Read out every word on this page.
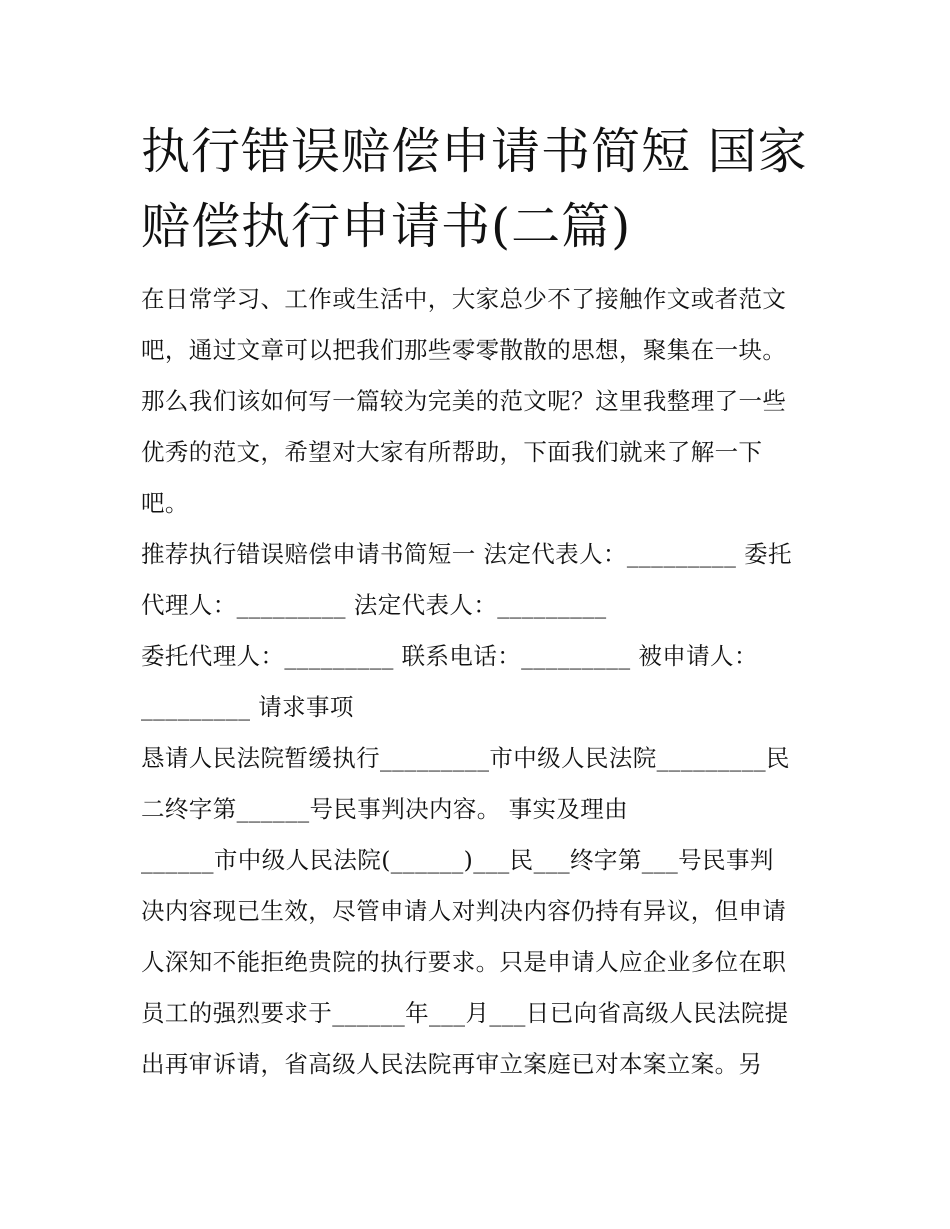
执行错误赔偿申请书简短 国家
赔偿执行申请书(二篇)

在日常学习、工作或生活中，大家总少不了接触作文或者范文
吧，通过文章可以把我们那些零零散散的思想，聚集在一块。
那么我们该如何写一篇较为完美的范文呢？这里我整理了一些
优秀的范文，希望对大家有所帮助，下面我们就来了解一下
吧。

推荐执行错误赔偿申请书简短一 法定代表人：_________ 委托
代理人：_________ 法定代表人：_________

委托代理人：_________ 联系电话：_________ 被申请人：
_________ 请求事项

恳请人民法院暂缓执行_________市中级人民法院_________民
二终字第______号民事判决内容。 事实及理由
______市中级人民法院(______)___民___终字第___号民事判
决内容现已生效，尽管申请人对判决内容仍持有异议，但申请
人深知不能拒绝贵院的执行要求。只是申请人应企业多位在职
员工的强烈要求于______年___月___日已向省高级人民法院提
出再审诉请，省高级人民法院再审立案庭已对本案立案。另
